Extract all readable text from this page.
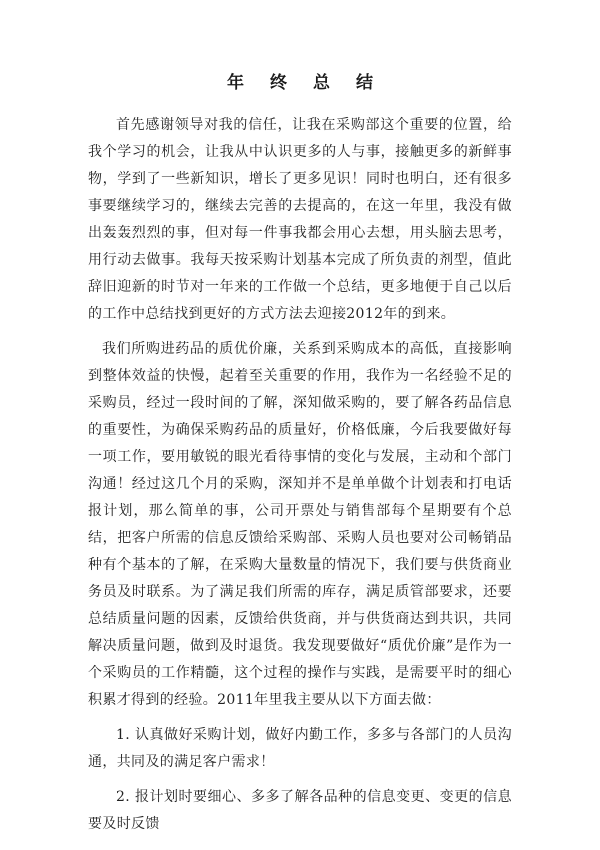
年终总结

首先感谢领导对我的信任，让我在采购部这个重要的位置，给我个学习的机会，让我从中认识更多的人与事，接触更多的新鲜事物，学到了一些新知识，增长了更多见识！同时也明白，还有很多事要继续学习的，继续去完善的去提高的，在这一年里，我没有做出轰轰烈烈的事，但对每一件事我都会用心去想，用头脑去思考，用行动去做事。我每天按采购计划基本完成了所负责的剂型，值此辞旧迎新的时节对一年来的工作做一个总结，更多地便于自己以后的工作中总结找到更好的方式方法去迎接2012年的到来。

我们所购进药品的质优价廉，关系到采购成本的高低，直接影响到整体效益的快慢，起着至关重要的作用，我作为一名经验不足的采购员，经过一段时间的了解，深知做采购的，要了解各药品信息的重要性，为确保采购药品的质量好，价格低廉，今后我要做好每一项工作，要用敏锐的眼光看待事情的变化与发展，主动和个部门沟通！经过这几个月的采购，深知并不是单单做个计划表和打电话报计划，那么简单的事，公司开票处与销售部每个星期要有个总结，把客户所需的信息反馈给采购部、采购人员也要对公司畅销品种有个基本的了解，在采购大量数量的情况下，我们要与供货商业务员及时联系。为了满足我们所需的库存，满足质管部要求，还要总结质量问题的因素，反馈给供货商，并与供货商达到共识，共同解决质量问题，做到及时退货。我发现要做好“质优价廉”是作为一个采购员的工作精髓，这个过程的操作与实践，是需要平时的细心积累才得到的经验。2011年里我主要从以下方面去做：

1. 认真做好采购计划，做好内勤工作，多多与各部门的人员沟通，共同及的满足客户需求！

2. 报计划时要细心、多多了解各品种的信息变更、变更的信息要及时反馈
